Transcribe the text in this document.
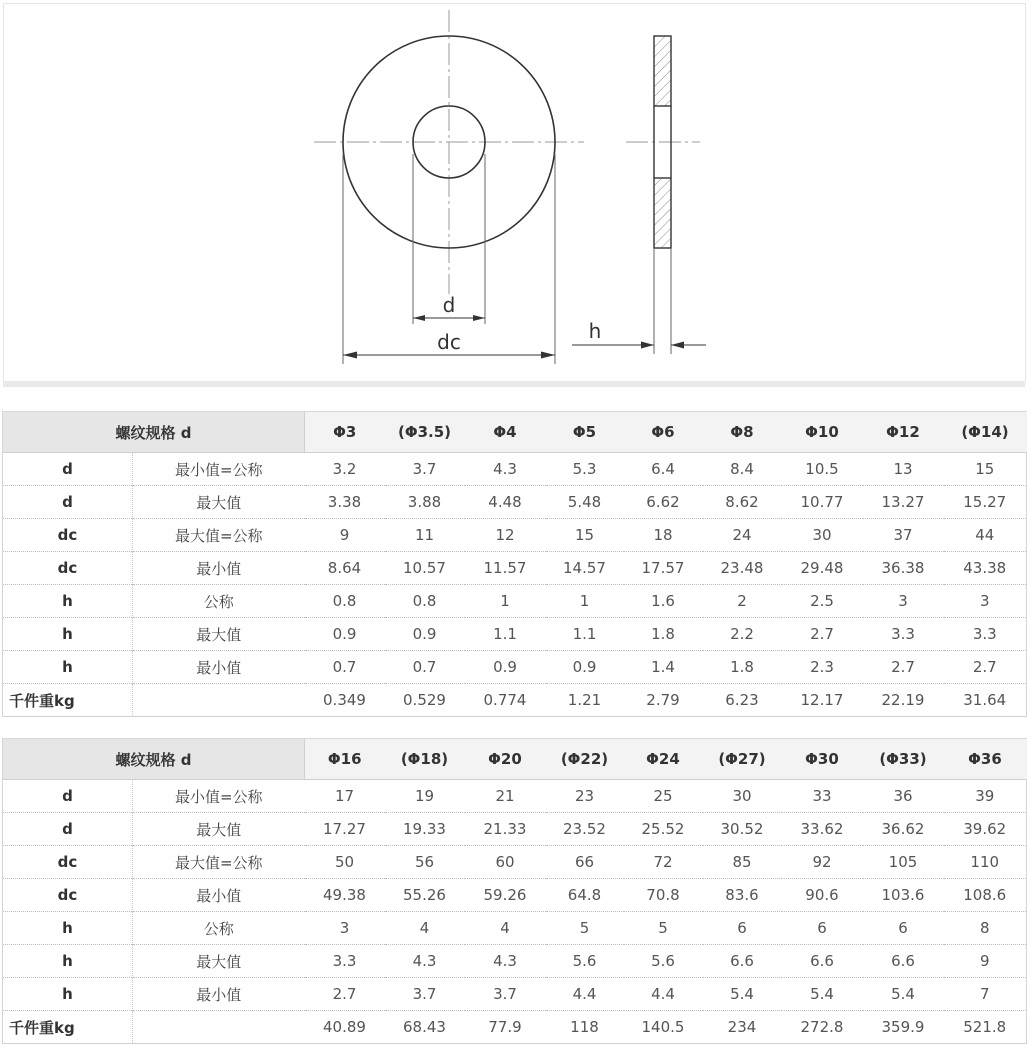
d
dc	h
螺纹规格 d		Φ3	(Φ3.5)	Φ4	Φ5	Φ6	Φ8	Φ10	Φ12	(Φ14)
d	最小值=公称	3.2	3.7	4.3	5.3	6.4	8.4	10.5	13	15
d	最大值	3.38	3.88	4.48	5.48	6.62	8.62	10.77	13.27	15.27
dc	最大值=公称	9	11	12	15	18	24	30	37	44
dc	最小值	8.64	10.57	11.57	14.57	17.57	23.48	29.48	36.38	43.38
h	公称	0.8	0.8	1	1	1.6	2	2.5	3	3
h	最大值	0.9	0.9	1.1	1.1	1.8	2.2	2.7	3.3	3.3
h	最小值	0.7	0.7	0.9	0.9	1.4	1.8	2.3	2.7	2.7
千件重kg		0.349	0.529	0.774	1.21	2.79	6.23	12.17	22.19	31.64
螺纹规格 d		Φ16	(Φ18)	Φ20	(Φ22)	Φ24	(Φ27)	Φ30	(Φ33)	Φ36
d	最小值=公称	17	19	21	23	25	30	33	36	39
d	最大值	17.27	19.33	21.33	23.52	25.52	30.52	33.62	36.62	39.62
dc	最大值=公称	50	56	60	66	72	85	92	105	110
dc	最小值	49.38	55.26	59.26	64.8	70.8	83.6	90.6	103.6	108.6
h	公称	3	4	4	5	5	6	6	6	8
h	最大值	3.3	4.3	4.3	5.6	5.6	6.6	6.6	6.6	9
h	最小值	2.7	3.7	3.7	4.4	4.4	5.4	5.4	5.4	7
千件重kg		40.89	68.43	77.9	118	140.5	234	272.8	359.9	521.8
